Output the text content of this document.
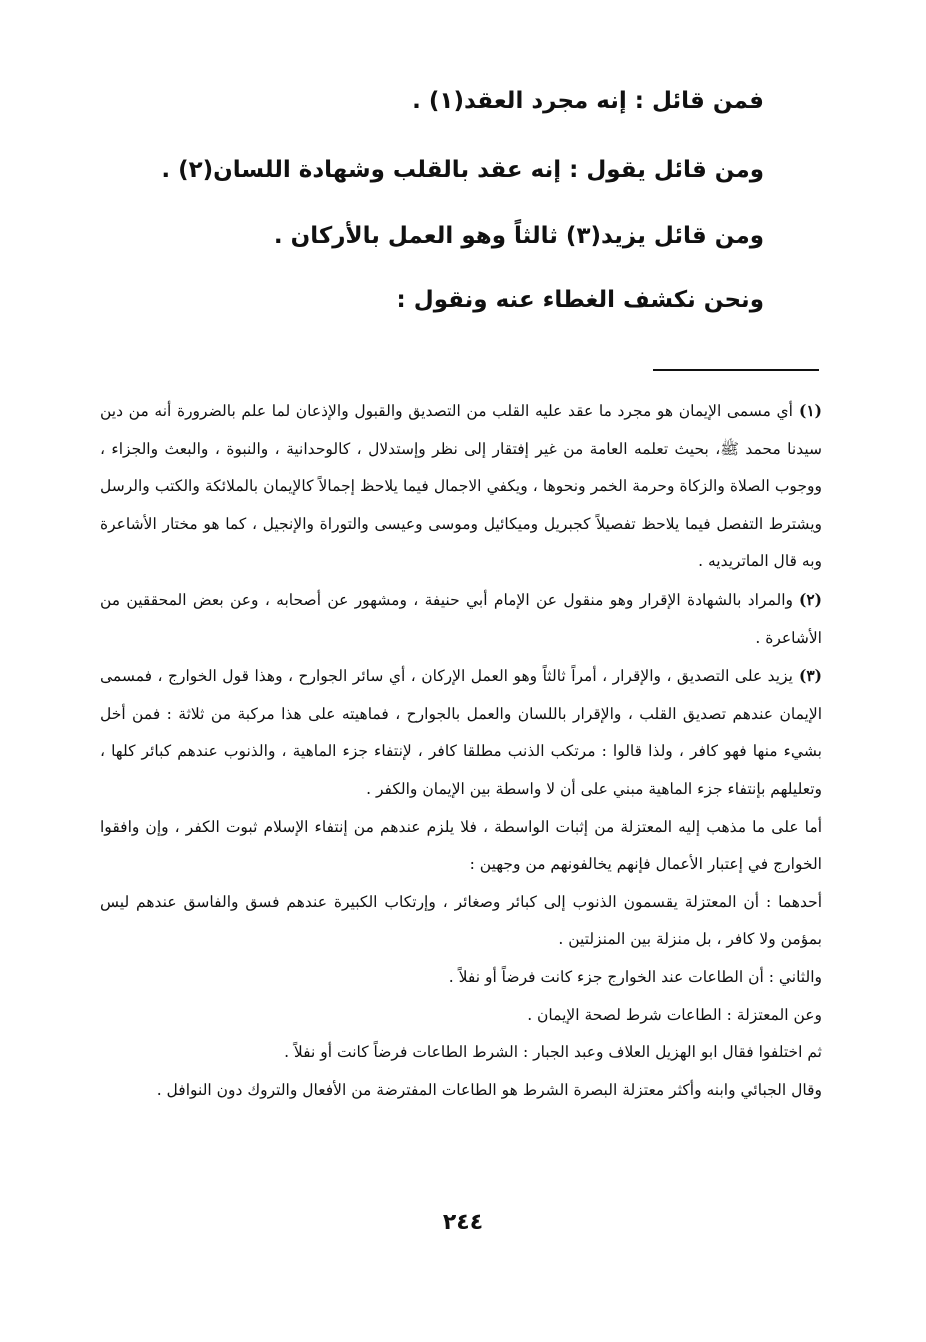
فمن قائل : إنه مجرد العقد(١) .
ومن قائل يقول : إنه عقد بالقلب وشهادة اللسان(٢) .
ومن قائل يزيد(٣) ثالثاً وهو العمل بالأركان .
ونحن نكشف الغطاء عنه ونقول :

(١)أي مسمى الإيمان هو مجرد ما عقد عليه القلب من التصديق والقبول والإذعان لما علم بالضرورة أنه من دين سيدنا محمد ﷺ، بحيث تعلمه العامة من غير إفتقار إلى نظر وإستدلال ، كالوحدانية ، والنبوة ، والبعث والجزاء ، ووجوب الصلاة والزكاة وحرمة الخمر ونحوها ، ويكفي الاجمال فيما يلاحظ إجمالاً كالإيمان بالملائكة والكتب والرسل ويشترط التفصل فيما يلاحظ تفصيلاً كجبريل وميكائيل وموسى وعيسى والتوراة والإنجيل ، كما هو مختار الأشاعرة وبه قال الماتريديه .

(٢)والمراد بالشهادة الإقرار وهو منقول عن الإمام أبي حنيفة ، ومشهور عن أصحابه ، وعن بعض المحققين من الأشاعرة .

(٣)يزيد على التصديق ، والإقرار ، أمراً ثالثاً وهو العمل الإركان ، أي سائر الجوارح ، وهذا قول الخوارج ، فمسمى الإيمان عندهم تصديق القلب ، والإقرار باللسان والعمل بالجوارح ، فماهيته على هذا مركبة من ثلاثة : فمن أخل بشيء منها فهو كافر ، ولذا قالوا : مرتكب الذنب مطلقا كافر ، لإنتفاء جزء الماهية ، والذنوب عندهم كبائر كلها ، وتعليلهم بإنتفاء جزء الماهية مبني على أن لا واسطة بين الإيمان والكفر .

أما على ما مذهب إليه المعتزلة من إثبات الواسطة ، فلا يلزم عندهم من إنتفاء الإسلام ثبوت الكفر ، وإن وافقوا الخوارج في إعتبار الأعمال فإنهم يخالفونهم من وجهين :

أحدهما : أن المعتزلة يقسمون الذنوب إلى كبائر وصغائر ، وإرتكاب الكبيرة عندهم فسق والفاسق عندهم ليس بمؤمن ولا كافر ، بل منزلة بين المنزلتين .

والثاني : أن الطاعات عند الخوارج جزء كانت فرضاً أو نفلاً .

وعن المعتزلة : الطاعات شرط لصحة الإيمان .

ثم اختلفوا فقال ابو الهزيل العلاف وعبد الجبار : الشرط الطاعات فرضاً كانت أو نفلاً .

وقال الجبائي وابنه وأكثر معتزلة البصرة الشرط هو الطاعات المفترضة من الأفعال والتروك دون النوافل .

٢٤٤
